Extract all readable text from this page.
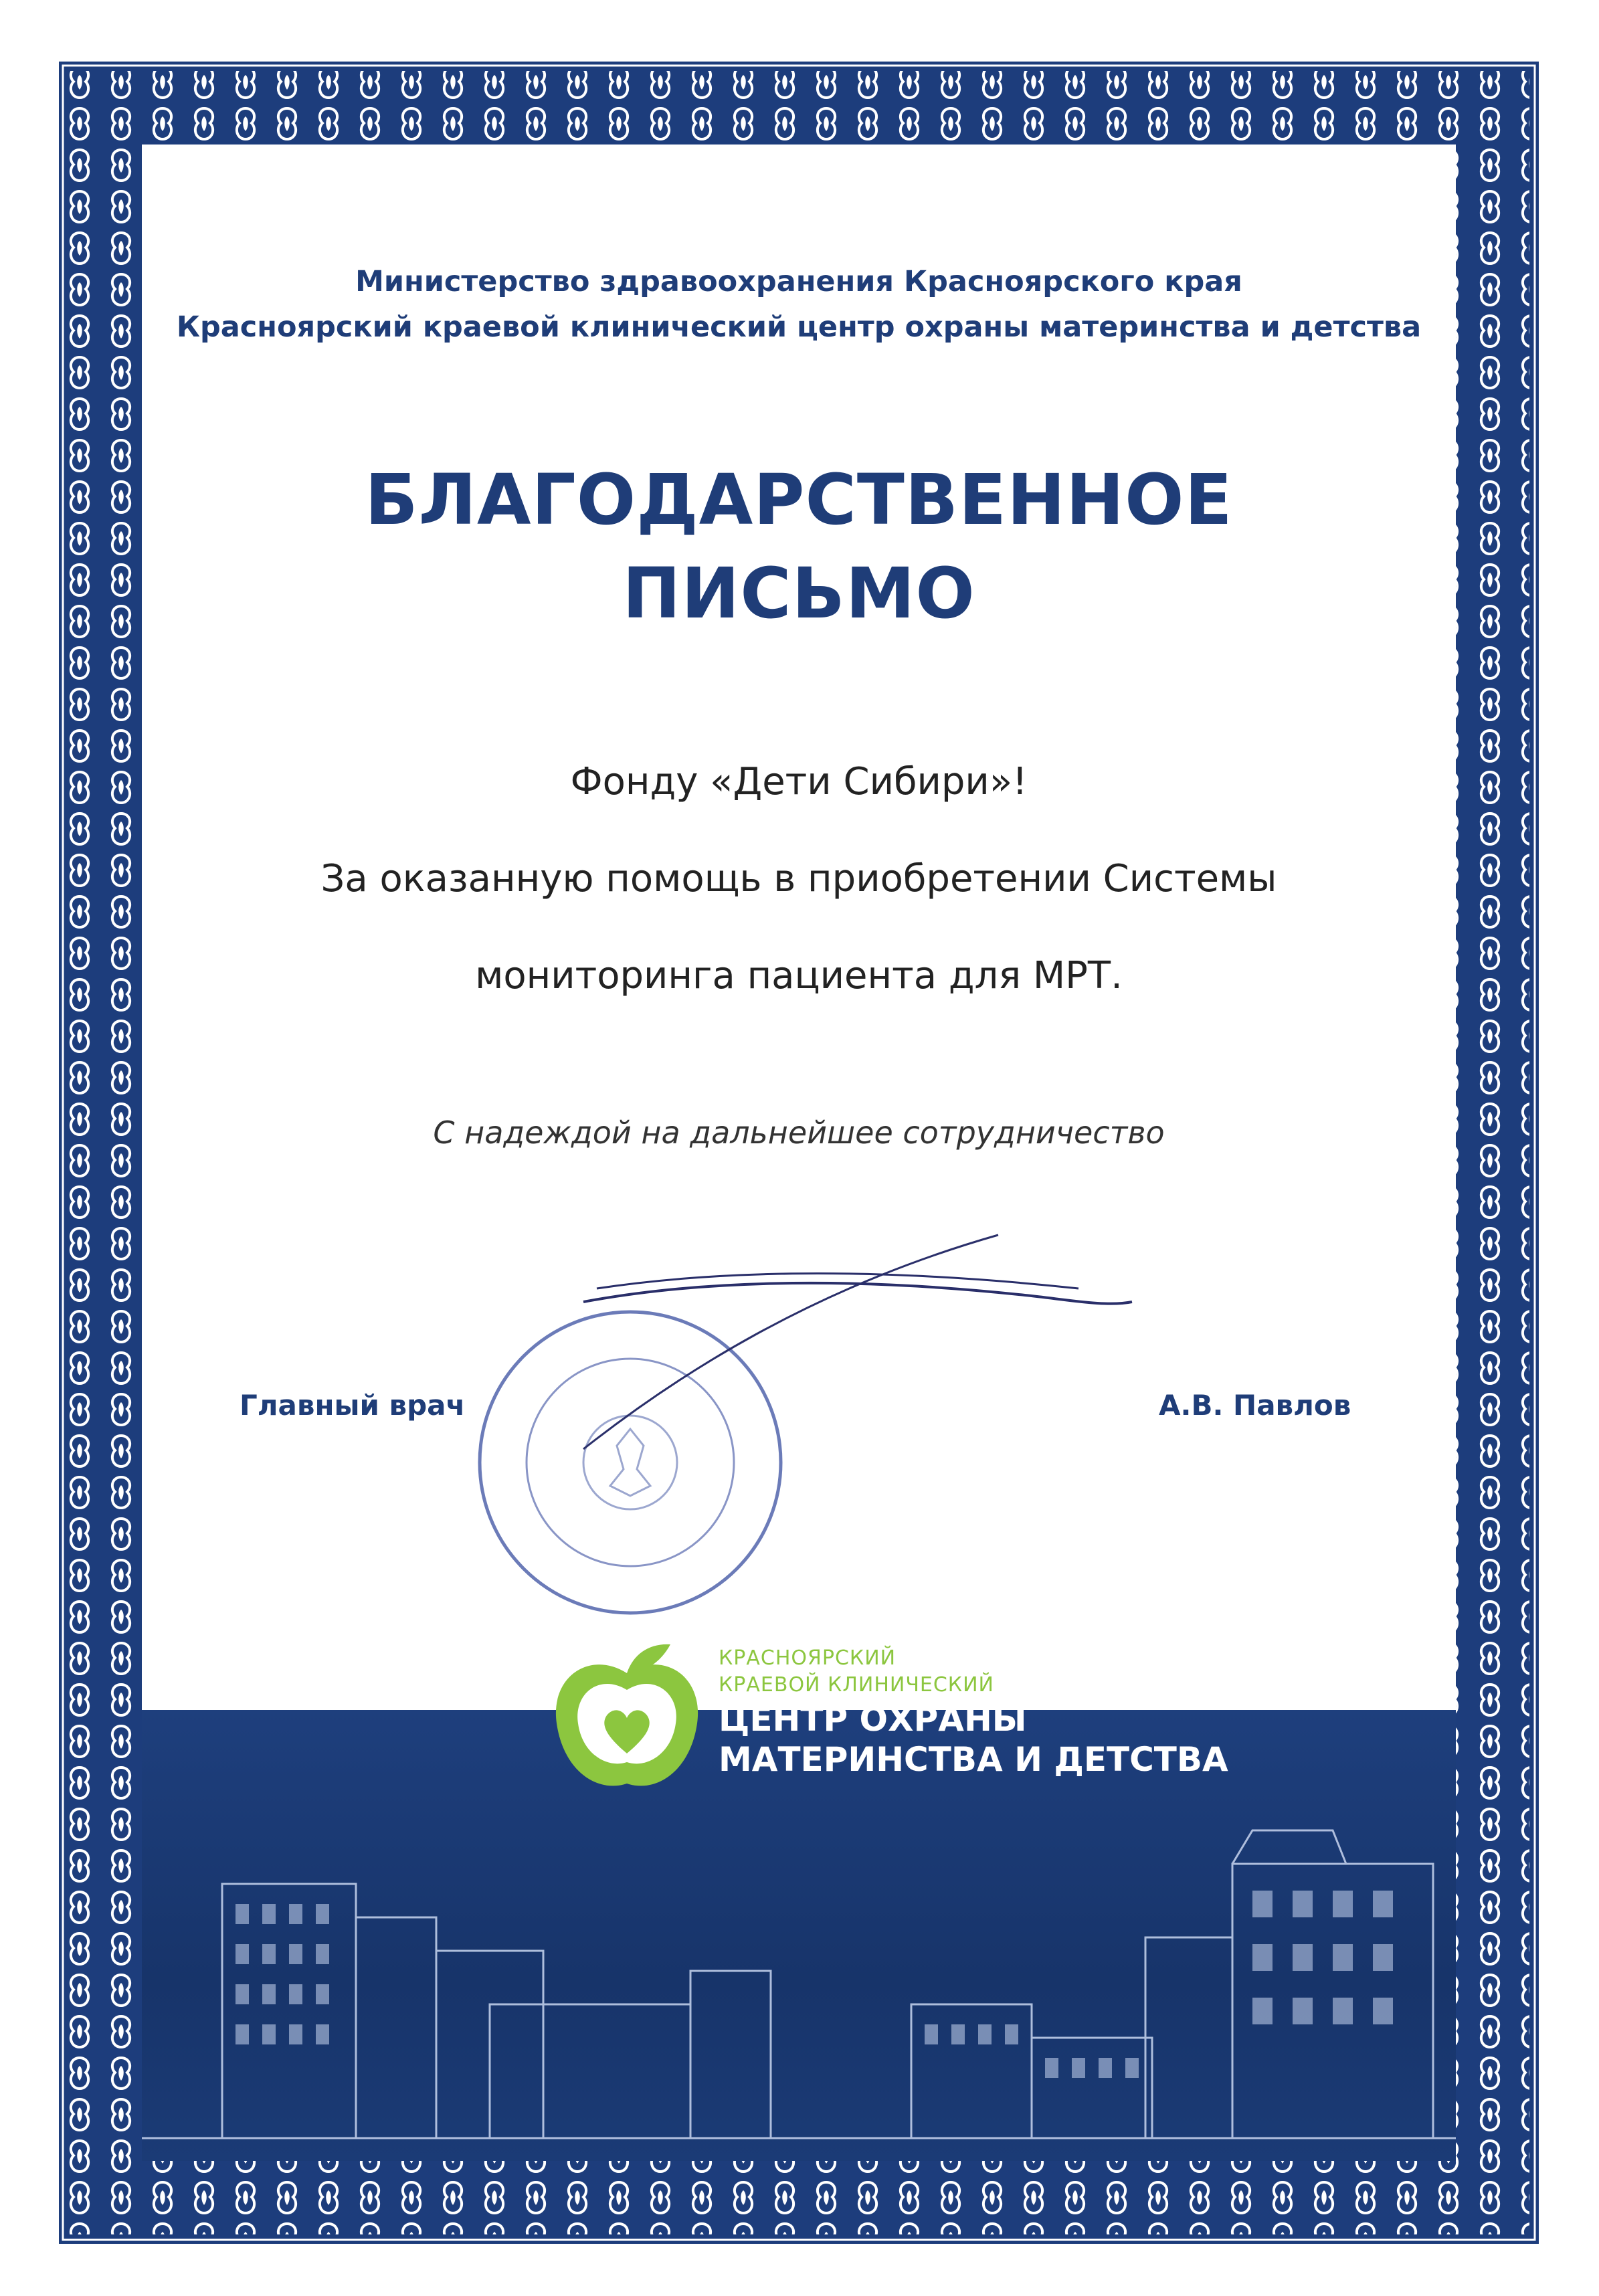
Министерство здравоохранения Красноярского края
Красноярский краевой клинический центр охраны материнства и детства
БЛАГОДАРСТВЕННОЕ
ПИСЬМО
Фонду «Дети Сибири»!
За оказанную помощь в приобретении Системы
мониторинга пациента для МРТ.
С надеждой на дальнейшее сотрудничество
Главный врач	А.В. Павлов
КРАСНОЯРСКИЙ
КРАЕВОЙ КЛИНИЧЕСКИЙ
ЦЕНТР ОХРАНЫ
МАТЕРИНСТВА И ДЕТСТВА
